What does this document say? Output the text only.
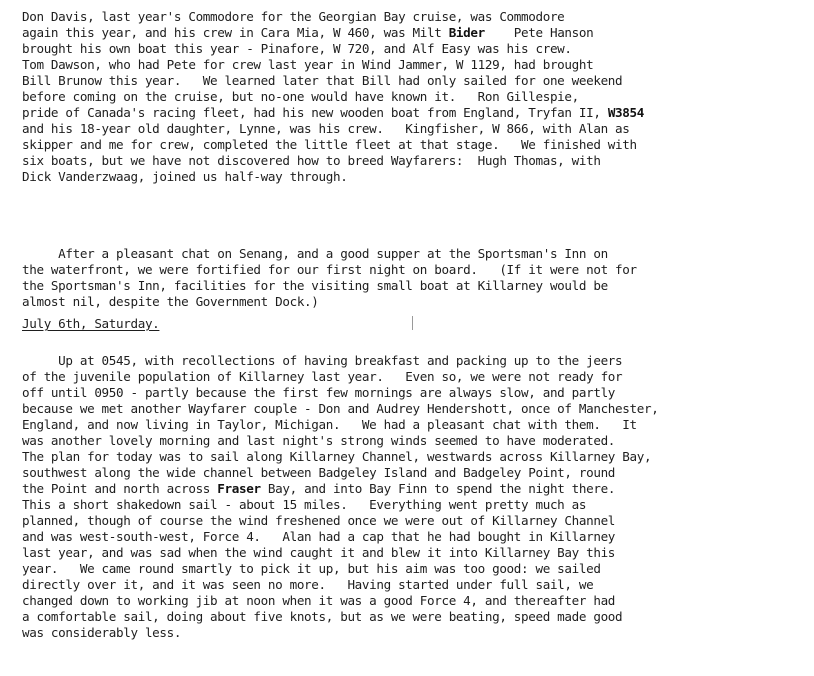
Don Davis, last year's Commodore for the Georgian Bay cruise, was Commodore

again this year, and his crew in Cara Mia, W 460, was Milt Bider    Pete Hanson

brought his own boat this year - Pinafore, W 720, and Alf Easy was his crew.

Tom Dawson, who had Pete for crew last year in Wind Jammer, W 1129, had brought

Bill Brunow this year.   We learned later that Bill had only sailed for one weekend

before coming on the cruise, but no-one would have known it.   Ron Gillespie,

pride of Canada's racing fleet, had his new wooden boat from England, Tryfan II, W3854

and his 18-year old daughter, Lynne, was his crew.   Kingfisher, W 866, with Alan as

skipper and me for crew, completed the little fleet at that stage.   We finished with

six boats, but we have not discovered how to breed Wayfarers:  Hugh Thomas, with

Dick Vanderzwaag, joined us half-way through.

After a pleasant chat on Senang, and a good supper at the Sportsman's Inn on

the waterfront, we were fortified for our first night on board.   (If it were not for

the Sportsman's Inn, facilities for the visiting small boat at Killarney would be

almost nil, despite the Government Dock.)

July 6th, Saturday.

Up at 0545, with recollections of having breakfast and packing up to the jeers

of the juvenile population of Killarney last year.   Even so, we were not ready for

off until 0950 - partly because the first few mornings are always slow, and partly

because we met another Wayfarer couple - Don and Audrey Hendershott, once of Manchester,

England, and now living in Taylor, Michigan.   We had a pleasant chat with them.   It

was another lovely morning and last night's strong winds seemed to have moderated.

The plan for today was to sail along Killarney Channel, westwards across Killarney Bay,

southwest along the wide channel between Badgeley Island and Badgeley Point, round

the Point and north across Fraser Bay, and into Bay Finn to spend the night there.

This a short shakedown sail - about 15 miles.   Everything went pretty much as

planned, though of course the wind freshened once we were out of Killarney Channel

and was west-south-west, Force 4.   Alan had a cap that he had bought in Killarney

last year, and was sad when the wind caught it and blew it into Killarney Bay this

year.   We came round smartly to pick it up, but his aim was too good: we sailed

directly over it, and it was seen no more.   Having started under full sail, we

changed down to working jib at noon when it was a good Force 4, and thereafter had

a comfortable sail, doing about five knots, but as we were beating, speed made good

was considerably less.
